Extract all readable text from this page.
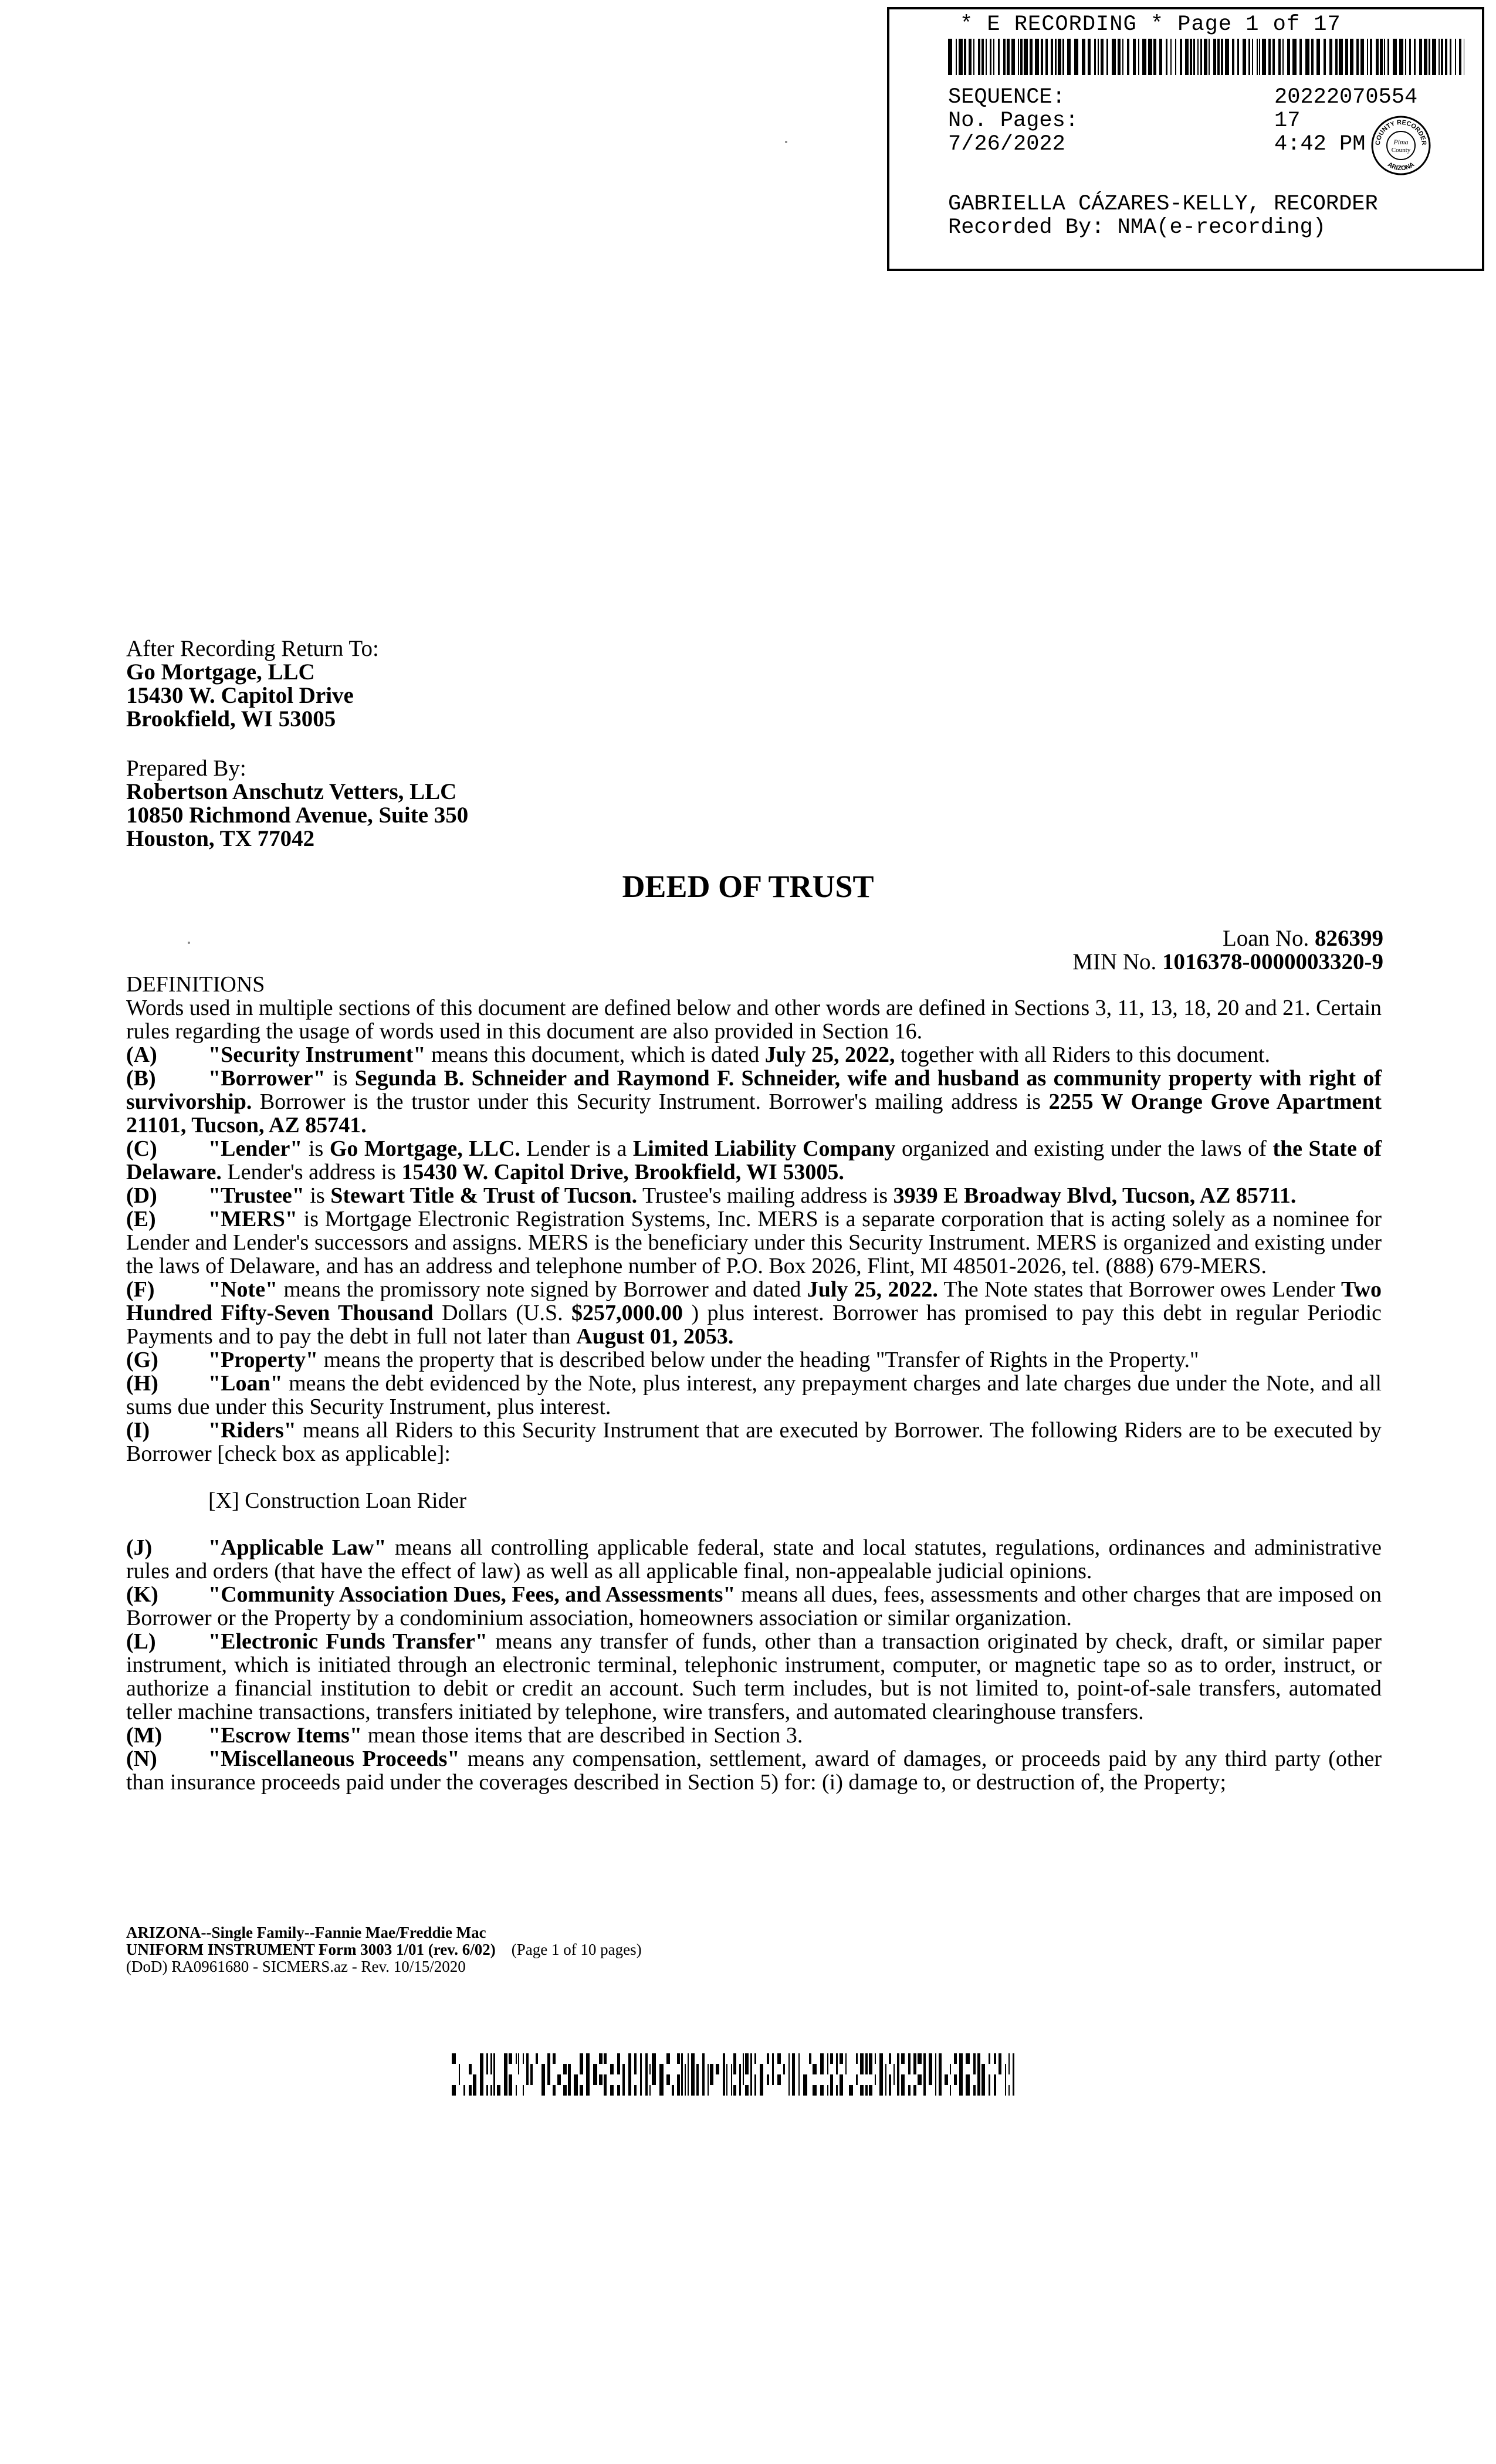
* E RECORDING * Page 1 of 17
SEQUENCE:	20222070554
No. Pages:	17
7/26/2022	4:42 PM COUNTY RECORDER
ARIZONA
Pima
County
GABRIELLA CÁZARES-KELLY, RECORDER
Recorded By: NMA(e-recording)
After Recording Return To:
Go Mortgage, LLC
15430 W. Capitol Drive
Brookfield, WI 53005
Prepared By:
Robertson Anschutz Vetters, LLC
10850 Richmond Avenue, Suite 350
Houston, TX 77042
DEED OF TRUST
Loan No. 826399
MIN No. 1016378-0000003320-9

DEFINITIONS

Words used in multiple sections of this document are defined below and other words are defined in Sections 3, 11, 13, 18, 20 and 21. Certain rules regarding the usage of words used in this document are also provided in Section 16.

(A) "Security Instrument" means this document, which is dated July 25, 2022, together with all Riders to this document.

(B) "Borrower" is Segunda B. Schneider and Raymond F. Schneider, wife and husband as community property with right of survivorship. Borrower is the trustor under this Security Instrument. Borrower's mailing address is 2255 W Orange Grove Apartment 21101, Tucson, AZ 85741.

(C) "Lender" is Go Mortgage, LLC. Lender is a Limited Liability Company organized and existing under the laws of the State of Delaware. Lender's address is 15430 W. Capitol Drive, Brookfield, WI 53005.

(D) "Trustee" is Stewart Title & Trust of Tucson. Trustee's mailing address is 3939 E Broadway Blvd, Tucson, AZ 85711.

(E) "MERS" is Mortgage Electronic Registration Systems, Inc. MERS is a separate corporation that is acting solely as a nominee for Lender and Lender's successors and assigns. MERS is the beneficiary under this Security Instrument. MERS is organized and existing under the laws of Delaware, and has an address and telephone number of P.O. Box 2026, Flint, MI 48501-2026, tel. (888) 679-MERS.

(F) "Note" means the promissory note signed by Borrower and dated July 25, 2022. The Note states that Borrower owes Lender Two Hundred Fifty-Seven Thousand Dollars (U.S. $257,000.00 ) plus interest. Borrower has promised to pay this debt in regular Periodic Payments and to pay the debt in full not later than August 01, 2053.

(G) "Property" means the property that is described below under the heading "Transfer of Rights in the Property."

(H) "Loan" means the debt evidenced by the Note, plus interest, any prepayment charges and late charges due under the Note, and all sums due under this Security Instrument, plus interest.

(I)	"Riders" means all Riders to this Security Instrument that are executed by Borrower. The following Riders are to be executed by Borrower [check box as applicable]:

[X] Construction Loan Rider

(J)	"Applicable Law" means all controlling applicable federal, state and local statutes, regulations, ordinances and administrative rules and orders (that have the effect of law) as well as all applicable final, non-appealable judicial opinions.

(K) "Community Association Dues, Fees, and Assessments" means all dues, fees, assessments and other charges that are imposed on Borrower or the Property by a condominium association, homeowners association or similar organization.

(L) "Electronic Funds Transfer" means any transfer of funds, other than a transaction originated by check, draft, or similar paper instrument, which is initiated through an electronic terminal, telephonic instrument, computer, or magnetic tape so as to order, instruct, or authorize a financial institution to debit or credit an account. Such term includes, but is not limited to, point-of-sale transfers, automated teller machine transactions, transfers initiated by telephone, wire transfers, and automated clearinghouse transfers.

(M) "Escrow Items" mean those items that are described in Section 3.

(N) "Miscellaneous Proceeds" means any compensation, settlement, award of damages, or proceeds paid by any third party (other than insurance proceeds paid under the coverages described in Section 5) for: (i) damage to, or destruction of, the Property;

ARIZONA--Single Family--Fannie Mae/Freddie Mac
UNIFORM INSTRUMENT Form 3003 1/01 (rev. 6/02) (Page 1 of 10 pages)
(DoD) RA0961680 - SICMERS.az - Rev. 10/15/2020
